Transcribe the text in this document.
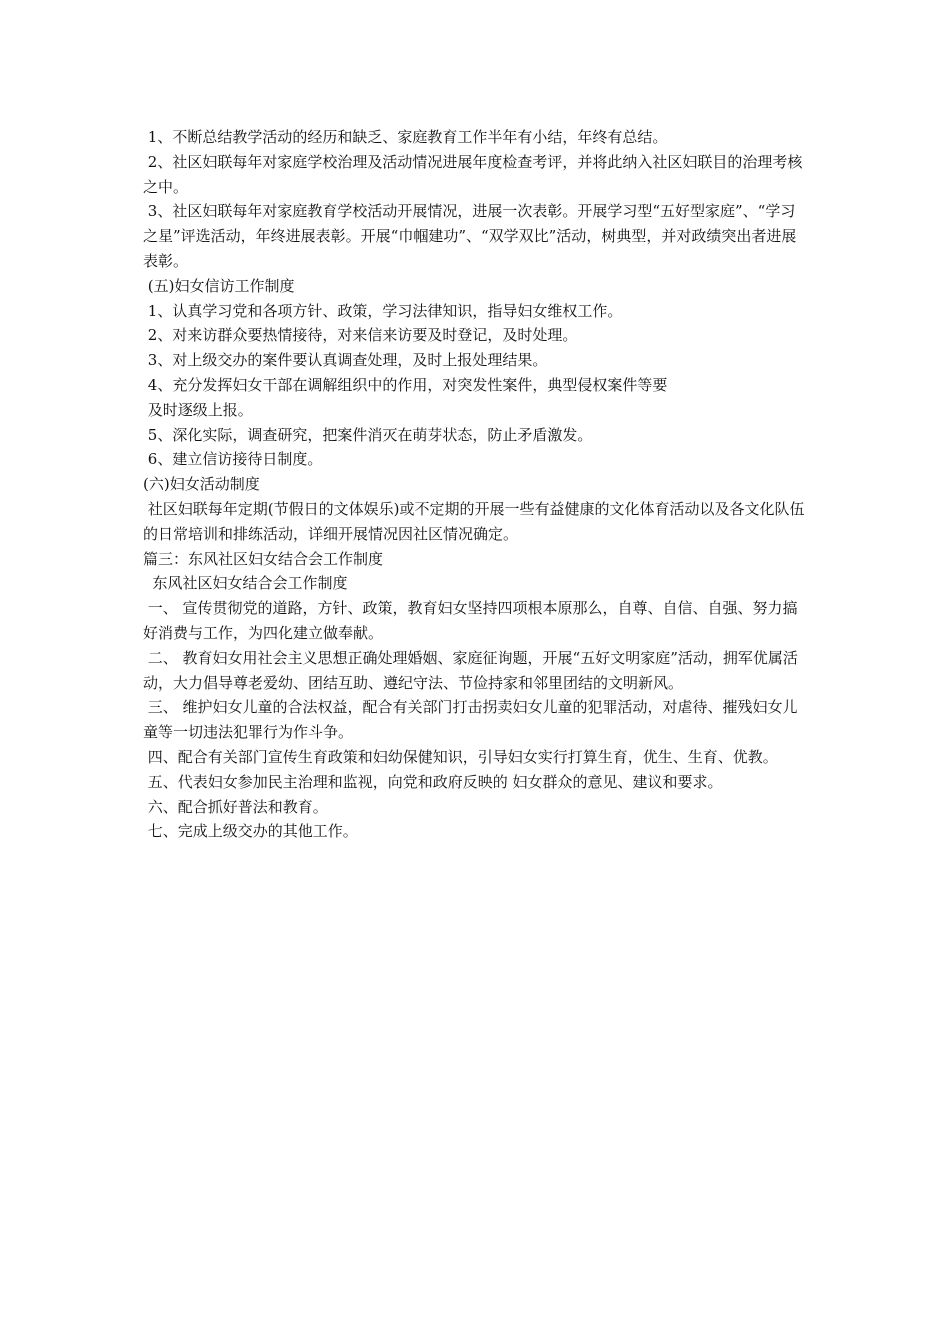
1、不断总结教学活动的经历和缺乏、家庭教育工作半年有小结，年终有总结。

2、社区妇联每年对家庭学校治理及活动情况进展年度检查考评，并将此纳入社区妇联目的治理考核之中。

3、社区妇联每年对家庭教育学校活动开展情况，进展一次表彰。开展学习型“五好型家庭”、“学习之星”评选活动，年终进展表彰。开展“巾帼建功”、“双学双比”活动，树典型，并对政绩突出者进展表彰。

(五)妇女信访工作制度

1、认真学习党和各项方针、政策，学习法律知识，指导妇女维权工作。

2、对来访群众要热情接待，对来信来访要及时登记，及时处理。

3、对上级交办的案件要认真调查处理，及时上报处理结果。

4、充分发挥妇女干部在调解组织中的作用，对突发性案件，典型侵权案件等要

及时逐级上报。

5、深化实际，调查研究，把案件消灭在萌芽状态，防止矛盾激发。

6、建立信访接待日制度。

(六)妇女活动制度

社区妇联每年定期(节假日的文体娱乐)或不定期的开展一些有益健康的文化体育活动以及各文化队伍的日常培训和排练活动，详细开展情况因社区情况确定。

篇三：东风社区妇女结合会工作制度

东风社区妇女结合会工作制度

一、 宣传贯彻党的道路，方针、政策，教育妇女坚持四项根本原那么，自尊、自信、自强、努力搞好消费与工作，为四化建立做奉献。

二、 教育妇女用社会主义思想正确处理婚姻、家庭征询题，开展“五好文明家庭”活动，拥军优属活动，大力倡导尊老爱幼、团结互助、遵纪守法、节俭持家和邻里团结的文明新风。

三、 维护妇女儿童的合法权益，配合有关部门打击拐卖妇女儿童的犯罪活动，对虐待、摧残妇女儿童等一切违法犯罪行为作斗争。

四、配合有关部门宣传生育政策和妇幼保健知识，引导妇女实行打算生育，优生、生育、优教。

五、代表妇女参加民主治理和监视，向党和政府反映的 妇女群众的意见、建议和要求。

六、配合抓好普法和教育。

七、完成上级交办的其他工作。
